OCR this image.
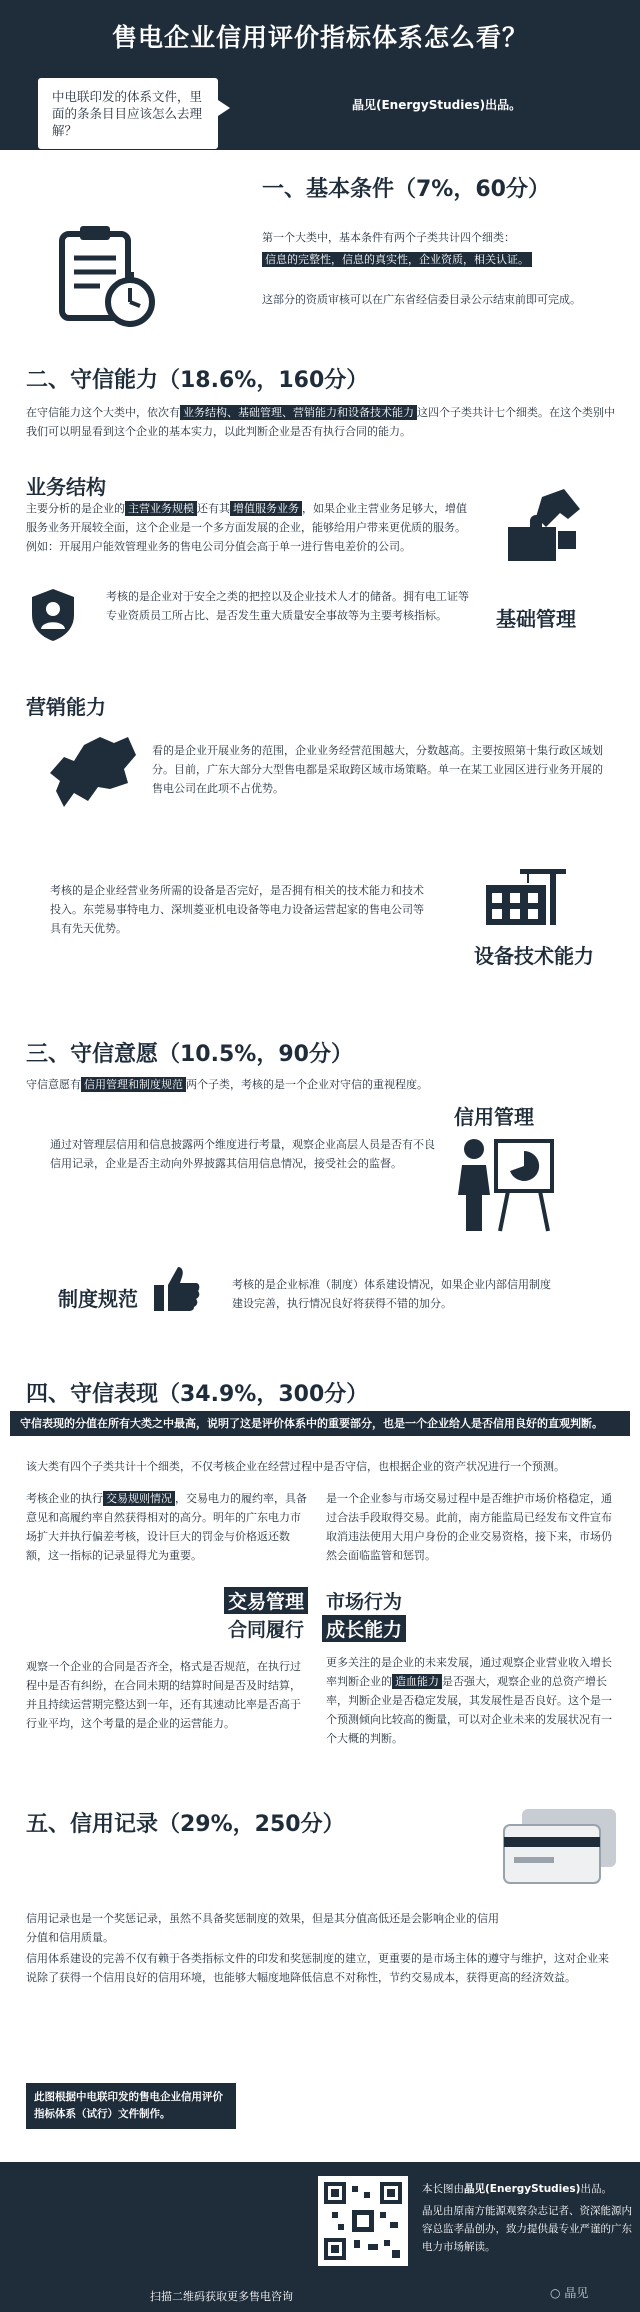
售电企业信用评价指标体系怎么看？
中电联印发的体系文件，里面的条条目目应该怎么去理解？
晶见(EnergyStudies)出品。
一、基本条件（7%，60分）
第一个大类中，基本条件有两个子类共计四个细类：
信息的完整性，信息的真实性，企业资质，相关认证。
这部分的资质审核可以在广东省经信委目录公示结束前即可完成。
二、守信能力（18.6%，160分）
在守信能力这个大类中，依次有 业务结构、基础管理、营销能力和设备技术能力 这四个子类共计七个细类。在这个类别中我们可以明显看到这个企业的基本实力，以此判断企业是否有执行合同的能力。
业务结构
主要分析的是企业的 主营业务规模 还有其 增值服务业务 ，如果企业主营业务足够大，增值服务业务开展较全面，这个企业是一个多方面发展的企业，能够给用户带来更优质的服务。例如：开展用户能效管理业务的售电公司分值会高于单一进行售电差价的公司。
考核的是企业对于安全之类的把控以及企业技术人才的储备。拥有电工证等专业资质员工所占比、是否发生重大质量安全事故等为主要考核指标。	基础管理
营销能力
看的是企业开展业务的范围，企业业务经营范围越大，分数越高。主要按照第十集行政区域划分。目前，广东大部分大型售电都是采取跨区域市场策略。单一在某工业园区进行业务开展的售电公司在此项不占优势。
考核的是企业经营业务所需的设备是否完好，是否拥有相关的技术能力和技术投入。东莞易事特电力、深圳菱亚机电设备等电力设备运营起家的售电公司等具有先天优势。
设备技术能力
三、守信意愿（10.5%，90分）
守信意愿有 信用管理和制度规范 两个子类，考核的是一个企业对守信的重视程度。
信用管理
通过对管理层信用和信息披露两个维度进行考量，观察企业高层人员是否有不良信用记录，企业是否主动向外界披露其信用信息情况，接受社会的监督。
制度规范
考核的是企业标准（制度）体系建设情况，如果企业内部信用制度建设完善，执行情况良好将获得不错的加分。
四、守信表现（34.9%，300分）
守信表现的分值在所有大类之中最高，说明了这是评价体系中的重要部分，也是一个企业给人是否信用良好的直观判断。
该大类有四个子类共计十个细类，不仅考核企业在经营过程中是否守信，也根据企业的资产状况进行一个预测。
考核企业的执行 交易规则情况 ，交易电力的履约率，具备意见和高履约率自然获得相对的高分。明年的广东电力市场扩大并执行偏差考核，设计巨大的罚金与价格返还数额，这一指标的记录显得尤为重要。
是一个企业参与市场交易过程中是否维护市场价格稳定，通过合法手段取得交易。此前，南方能监局已经发布文件宣布取消违法使用大用户身份的企业交易资格，接下来，市场仍然会面临监管和惩罚。
交易管理 市场行为
合同履行 成长能力
观察一个企业的合同是否齐全，格式是否规范，在执行过程中是否有纠纷，在合同未期的结算时间是否及时结算，并且持续运营期完整达到一年，还有其速动比率是否高于行业平均，这个考量的是企业的运营能力。
更多关注的是企业的未来发展，通过观察企业营业收入增长率判断企业的 造血能力 是否强大，观察企业的总资产增长率，判断企业是否稳定发展，其发展性是否良好。这个是一个预测倾向比较高的衡量，可以对企业未来的发展状况有一个大概的判断。
五、信用记录（29%，250分）
信用记录也是一个奖惩记录，虽然不具备奖惩制度的效果，但是其分值高低还是会影响企业的信用分值和信用质量。
信用体系建设的完善不仅有赖于各类指标文件的印发和奖惩制度的建立，更重要的是市场主体的遵守与维护，这对企业来说除了获得一个信用良好的信用环境，也能够大幅度地降低信息不对称性，节约交易成本，获得更高的经济效益。
此图根据中电联印发的售电企业信用评价指标体系（试行）文件制作。
本长图由晶见(EnergyStudies)出品。
晶见由原南方能源观察杂志记者、资深能源内容总监孝晶创办，致力提供最专业严谨的广东电力市场解读。
扫描二维码获取更多售电咨询	○ 晶见
